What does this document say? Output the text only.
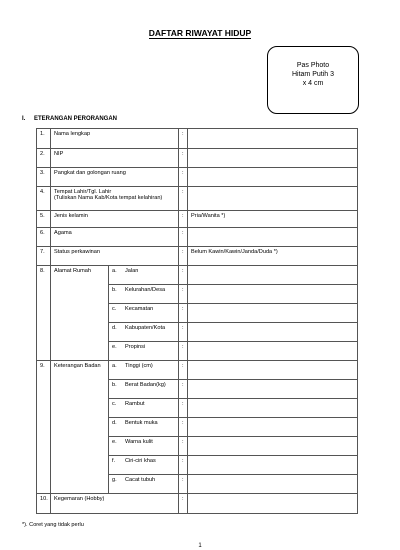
DAFTAR RIWAYAT HIDUP
Pas Photo
Hitam Putih 3
x 4 cm
I.	ETERANGAN PERORANGAN
1.	Nama lengkap		:	
2.	NIP		:	
3.	Pangkat dan golongan ruang		:	
4.	Tempat Lahir/Tgl. Lahir
(Tuliskan Nama Kab/Kota tempat kelahiran)		:	
5.	Jenis kelamin		:	Pria/Wanita *)
6.	Agama		:	
7.	Status perkawinan		:	Belum Kawin/Kawin/Janda/Duda *)
8.	Alamat Rumah	a. Jalan	:	

		b. Kelurahan/Desa	:	

		c. Kecamatan	:	

		d. Kabupaten/Kota	:	

		e. Propinsi	:	
9.	Keterangan Badan	a. Tinggi (cm)	:	

		b. Berat Badan(kg)	:	

		c. Rambut	:	

		d. Bentuk muka	:	

		e. Warna kulit	:	

		f. Ciri-ciri khas	:	

		g. Cacat tubuh	:	
10.	Kegemaran (Hobby)		:	
*). Coret yang tidak perlu
1
